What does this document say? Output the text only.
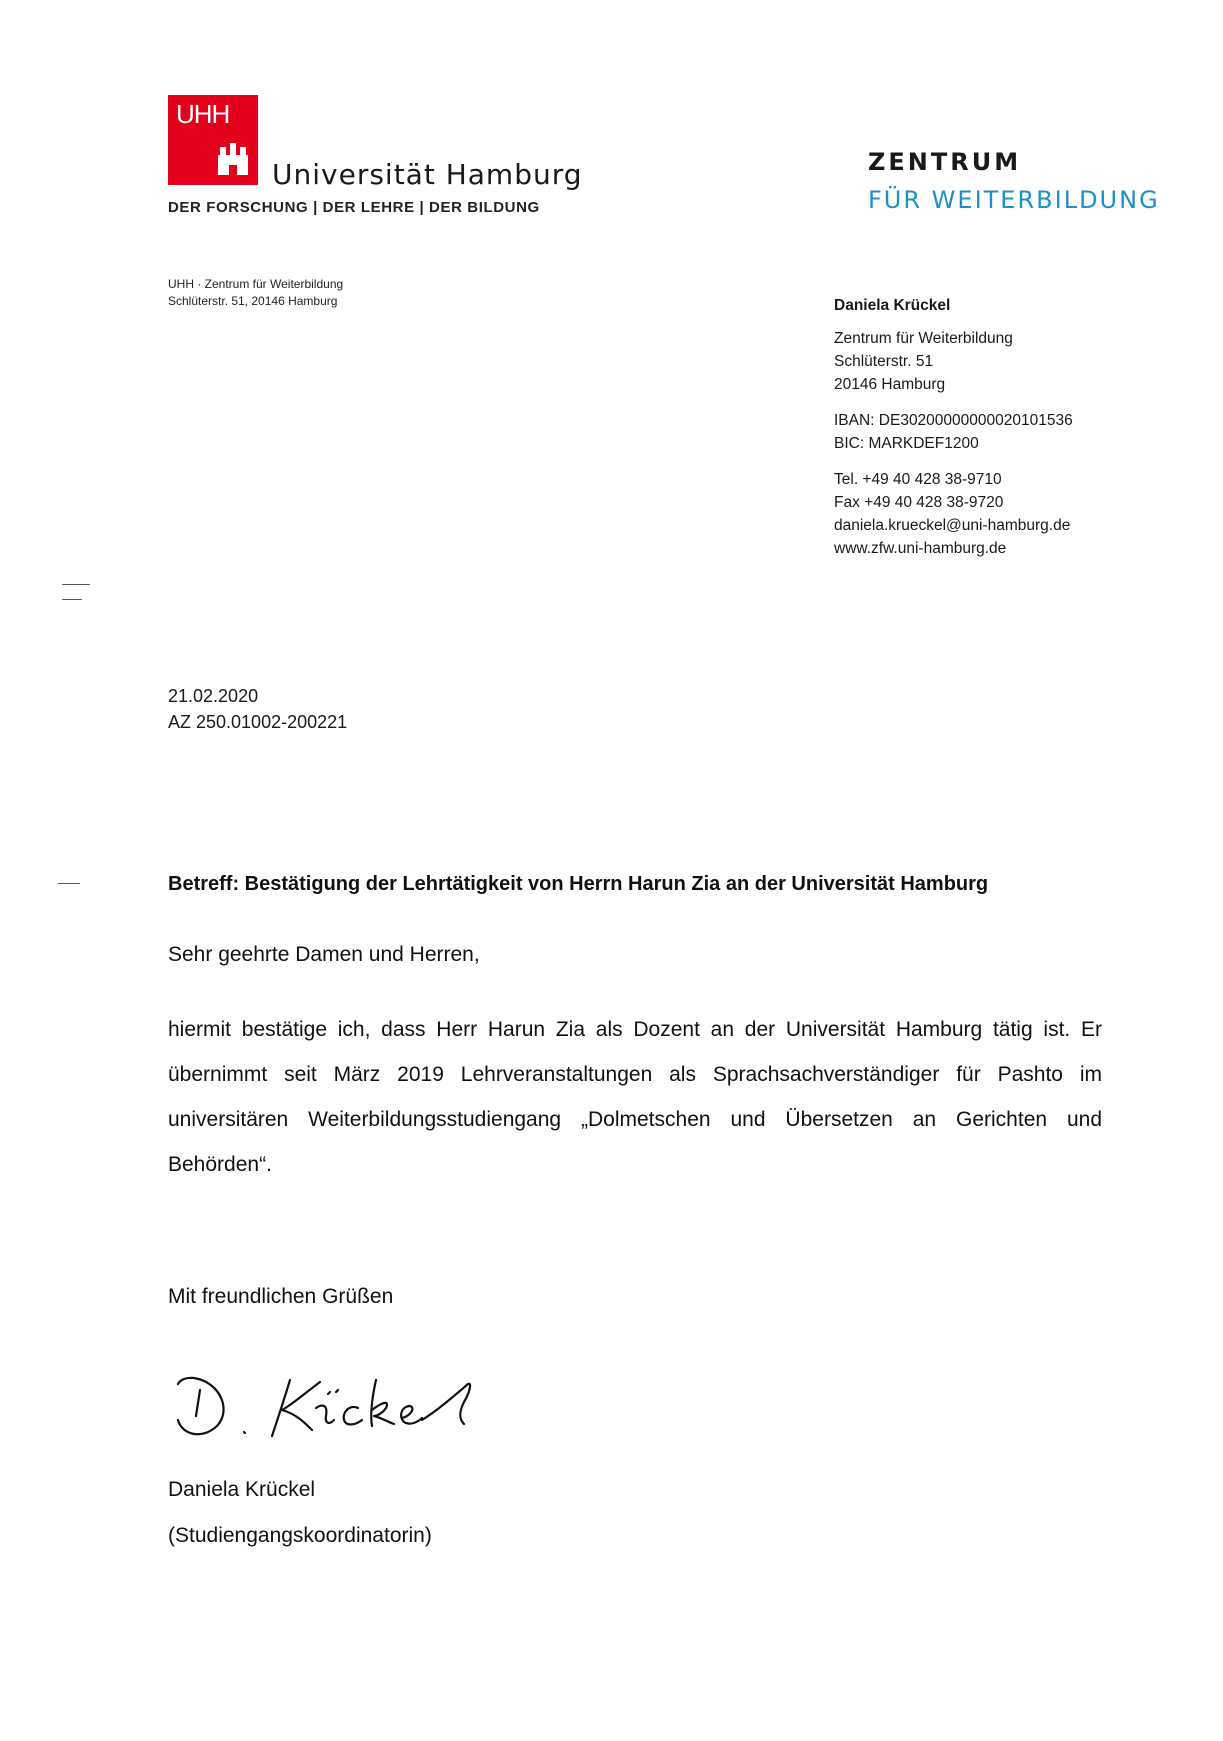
UHH
Universität Hamburg
DER FORSCHUNG | DER LEHRE | DER BILDUNG
ZENTRUM
FÜR WEITERBILDUNG
UHH · Zentrum für Weiterbildung
Schlüterstr. 51, 20146 Hamburg	Daniela Krückel
Zentrum für Weiterbildung
Schlüterstr. 51
20146 Hamburg
IBAN: DE30200000000020101536
BIC: MARKDEF1200
Tel. +49 40 428 38-9710
Fax +49 40 428 38-9720
daniela.krueckel@uni-hamburg.de
www.zfw.uni-hamburg.de
21.02.2020
AZ 250.01002-200221
Betreff: Bestätigung der Lehrtätigkeit von Herrn Harun Zia an der Universität Hamburg
Sehr geehrte Damen und Herren,
hiermit bestätige ich, dass Herr Harun Zia als Dozent an der Universität Hamburg tätig ist. Er übernimmt seit März 2019 Lehrveranstaltungen als Sprachsachverständiger für Pashto im universitären Weiterbildungsstudiengang „Dolmetschen und Übersetzen an Gerichten und Behörden“.
Mit freundlichen Grüßen
Daniela Krückel
(Studiengangskoordinatorin)
